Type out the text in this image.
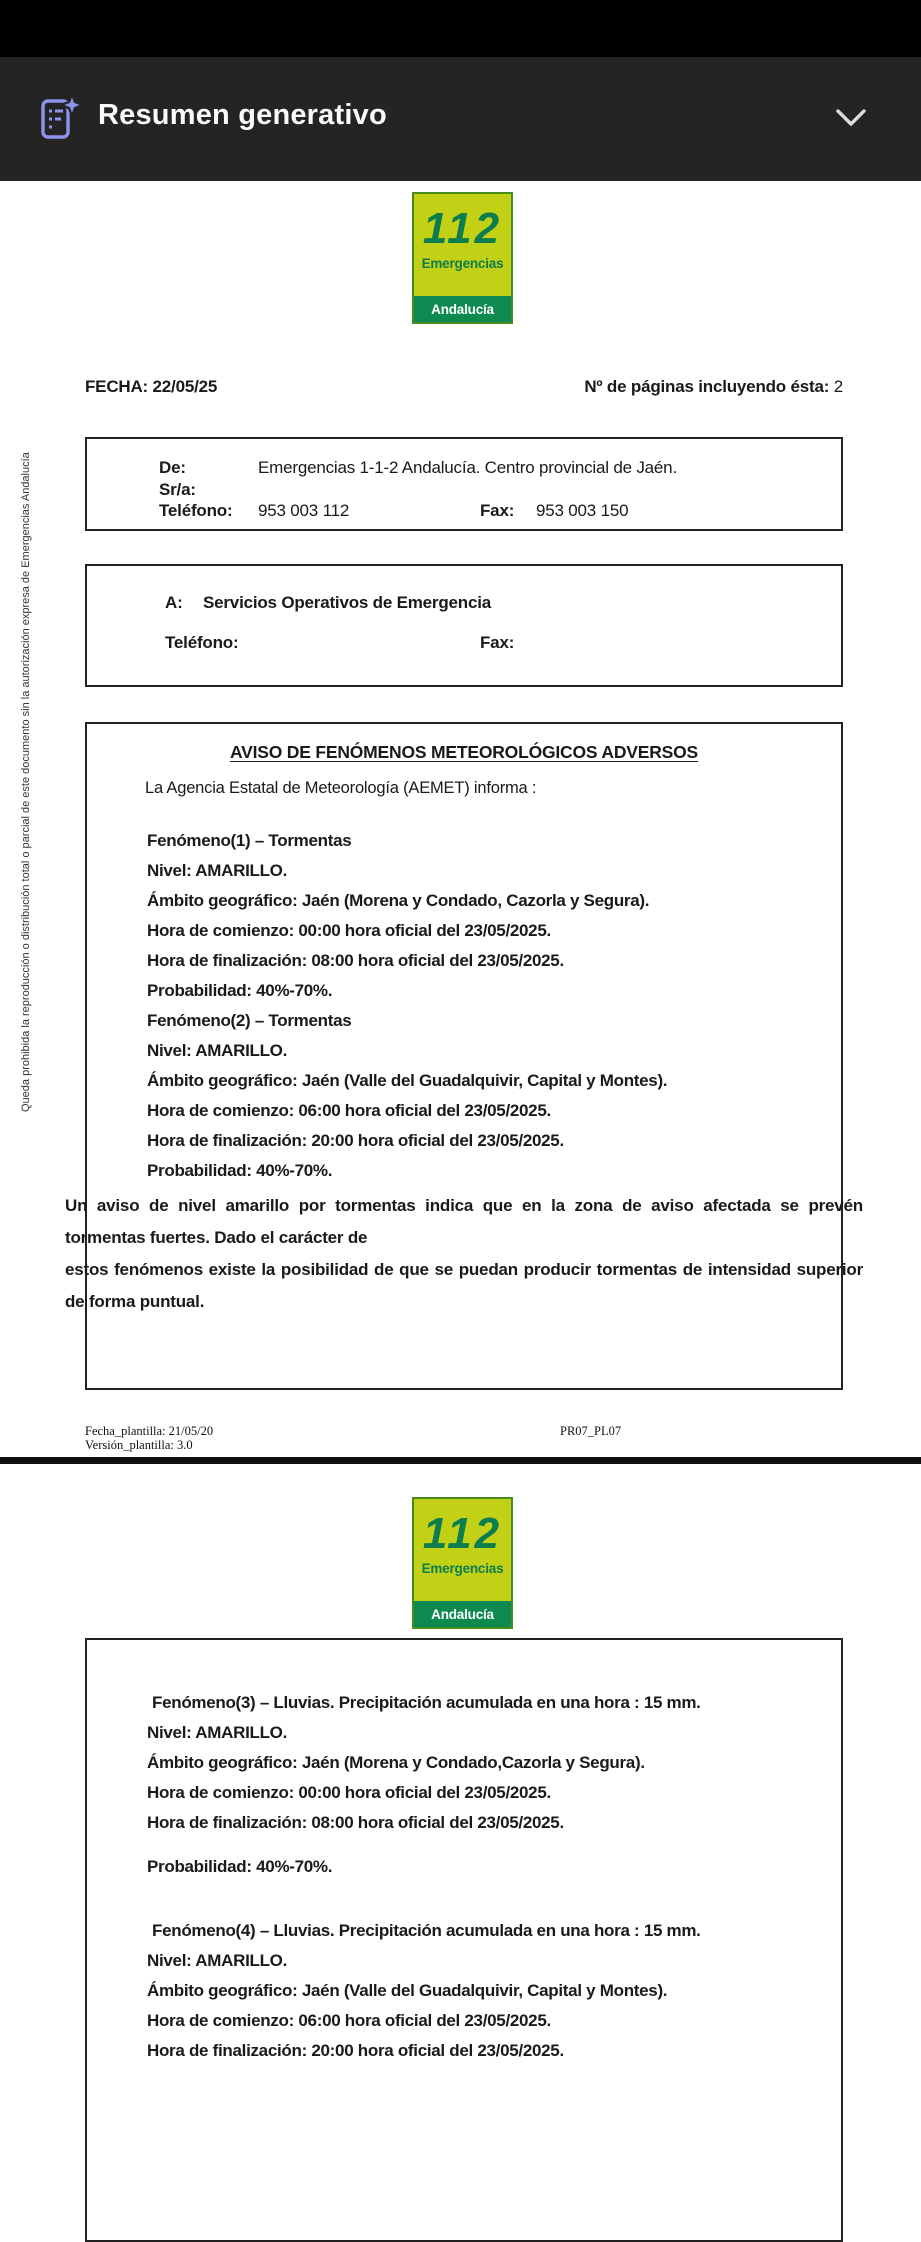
Resumen generativo
Queda prohibida la reproducción o distribución total o parcial de este documento sin la autorización expresa de Emergencias Andalucía
112
Emergencias
Andalucía
FECHA: 22/05/25	Nº de páginas incluyendo ésta: 2
De:	Emergencias 1-1-2 Andalucía. Centro provincial de Jaén.
Sr/a:
Teléfono:	953 003 112	Fax:	953 003 150
A:	Servicios Operativos de Emergencia
Teléfono:	Fax:
AVISO DE FENÓMENOS METEOROLÓGICOS ADVERSOS
La Agencia Estatal de Meteorología (AEMET) informa :
Fenómeno(1) – Tormentas
Nivel: AMARILLO.
Ámbito geográfico: Jaén (Morena y Condado, Cazorla y Segura).
Hora de comienzo: 00:00 hora oficial del 23/05/2025.
Hora de finalización: 08:00 hora oficial del 23/05/2025.
Probabilidad: 40%-70%.
Fenómeno(2) – Tormentas
Nivel: AMARILLO.
Ámbito geográfico: Jaén (Valle del Guadalquivir, Capital y Montes).
Hora de comienzo: 06:00 hora oficial del 23/05/2025.
Hora de finalización: 20:00 hora oficial del 23/05/2025.
Probabilidad: 40%-70%.
Un aviso de nivel amarillo por tormentas indica que en la zona de aviso afectada se prevén tormentas fuertes. Dado el carácter de
estos fenómenos existe la posibilidad de que se puedan producir tormentas de intensidad superior de forma puntual.
Fecha_plantilla: 21/05/20
Versión_plantilla: 3.0
PR07_PL07
112
Emergencias
Andalucía
Fenómeno(3) – Lluvias. Precipitación acumulada en una hora : 15 mm.
Nivel: AMARILLO.
Ámbito geográfico: Jaén (Morena y Condado,Cazorla y Segura).
Hora de comienzo: 00:00 hora oficial del 23/05/2025.
Hora de finalización: 08:00 hora oficial del 23/05/2025.
Probabilidad: 40%-70%.
Fenómeno(4) – Lluvias. Precipitación acumulada en una hora : 15 mm.
Nivel: AMARILLO.
Ámbito geográfico: Jaén (Valle del Guadalquivir, Capital y Montes).
Hora de comienzo: 06:00 hora oficial del 23/05/2025.
Hora de finalización: 20:00 hora oficial del 23/05/2025.
